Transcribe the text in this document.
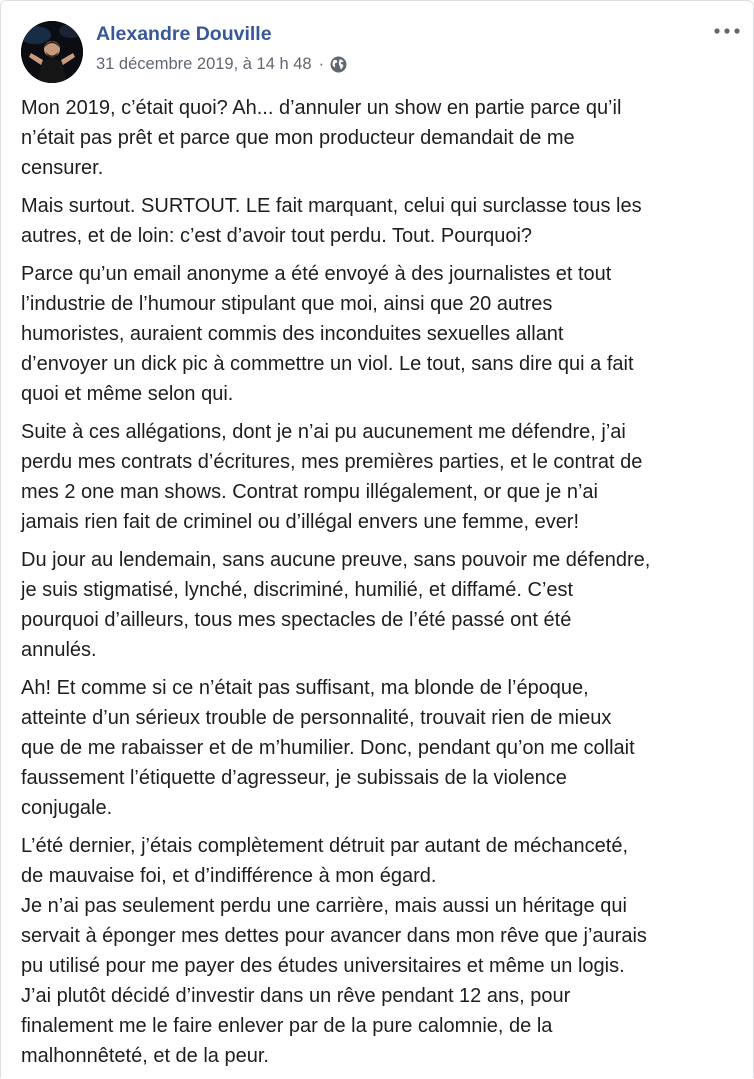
Alexandre Douville
31 décembre 2019, à 14 h 48 ·

Mon 2019, c’était quoi? Ah... d’annuler un show en partie parce qu’il
n’était pas prêt et parce que mon producteur demandait de me
censurer.

Mais surtout. SURTOUT. LE fait marquant, celui qui surclasse tous les
autres, et de loin: c’est d’avoir tout perdu. Tout. Pourquoi?

Parce qu’un email anonyme a été envoyé à des journalistes et tout
l’industrie de l’humour stipulant que moi, ainsi que 20 autres
humoristes, auraient commis des inconduites sexuelles allant
d’envoyer un dick pic à commettre un viol. Le tout, sans dire qui a fait
quoi et même selon qui.

Suite à ces allégations, dont je n’ai pu aucunement me défendre, j’ai
perdu mes contrats d’écritures, mes premières parties, et le contrat de
mes 2 one man shows. Contrat rompu illégalement, or que je n’ai
jamais rien fait de criminel ou d’illégal envers une femme, ever!

Du jour au lendemain, sans aucune preuve, sans pouvoir me défendre,
je suis stigmatisé, lynché, discriminé, humilié, et diffamé. C’est
pourquoi d’ailleurs, tous mes spectacles de l’été passé ont été
annulés.

Ah! Et comme si ce n’était pas suffisant, ma blonde de l’époque,
atteinte d’un sérieux trouble de personnalité, trouvait rien de mieux
que de me rabaisser et de m’humilier. Donc, pendant qu’on me collait
faussement l’étiquette d’agresseur, je subissais de la violence
conjugale.

L’été dernier, j’étais complètement détruit par autant de méchanceté,
de mauvaise foi, et d’indifférence à mon égard.
Je n’ai pas seulement perdu une carrière, mais aussi un héritage qui
servait à éponger mes dettes pour avancer dans mon rêve que j’aurais
pu utilisé pour me payer des études universitaires et même un logis.
J’ai plutôt décidé d’investir dans un rêve pendant 12 ans, pour
finalement me le faire enlever par de la pure calomnie, de la
malhonnêteté, et de la peur.
